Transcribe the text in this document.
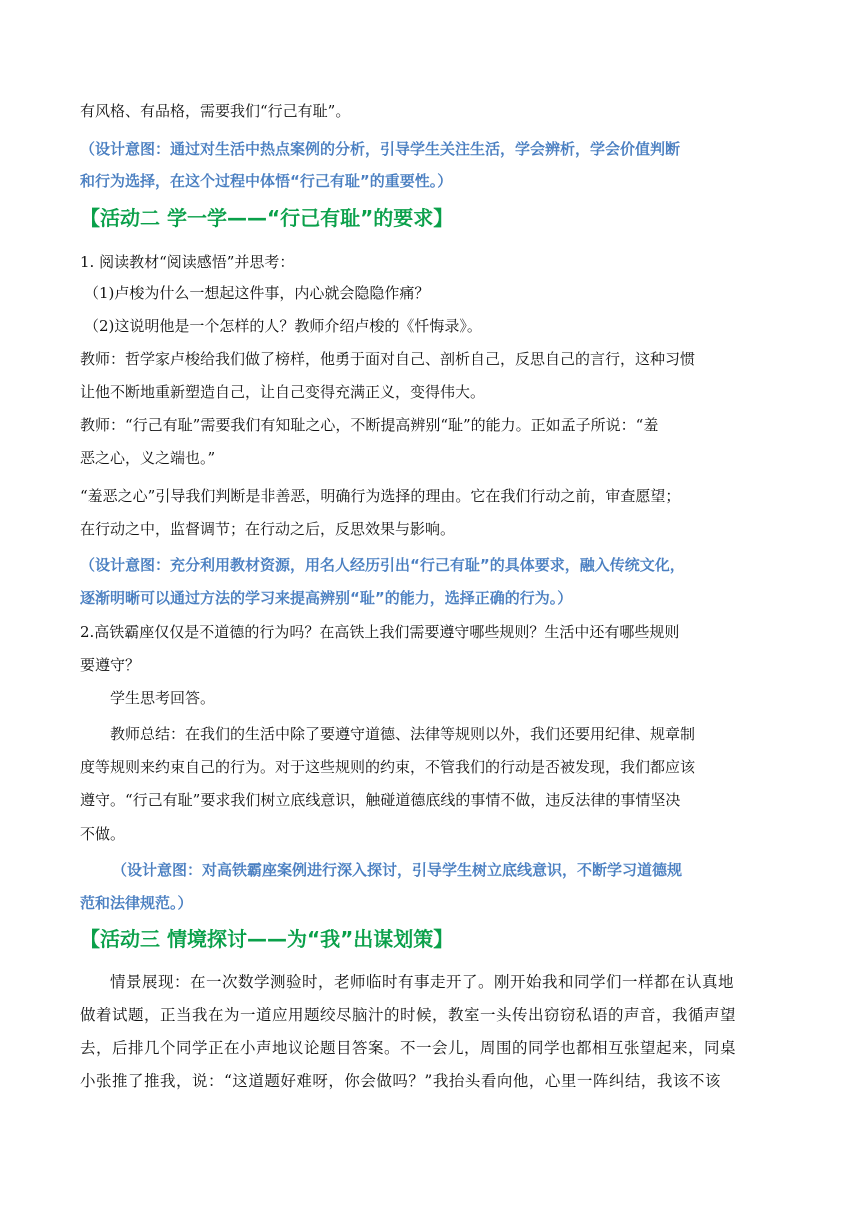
有风格、有品格，需要我们“行己有耻”。

（设计意图：通过对生活中热点案例的分析，引导学生关注生活，学会辨析，学会价值判断

和行为选择，在这个过程中体悟“行己有耻”的重要性。）

【活动二 学一学——“行己有耻”的要求】

1. 阅读教材“阅读感悟”并思考：

（1)卢梭为什么一想起这件事，内心就会隐隐作痛？

（2)这说明他是一个怎样的人？教师介绍卢梭的《忏悔录》。

教师：哲学家卢梭给我们做了榜样，他勇于面对自己、剖析自己，反思自己的言行，这种习惯

让他不断地重新塑造自己，让自己变得充满正义，变得伟大。

教师：“行己有耻”需要我们有知耻之心，不断提高辨别“耻”的能力。正如孟子所说：“羞

恶之心，义之端也。”

“羞恶之心”引导我们判断是非善恶，明确行为选择的理由。它在我们行动之前，审查愿望；

在行动之中，监督调节；在行动之后，反思效果与影响。

（设计意图：充分利用教材资源，用名人经历引出“行己有耻”的具体要求，融入传统文化，

逐渐明晰可以通过方法的学习来提高辨别“耻”的能力，选择正确的行为。）

2.高铁霸座仅仅是不道德的行为吗？在高铁上我们需要遵守哪些规则？生活中还有哪些规则

要遵守？

学生思考回答。

教师总结：在我们的生活中除了要遵守道德、法律等规则以外，我们还要用纪律、规章制

度等规则来约束自己的行为。对于这些规则的约束，不管我们的行动是否被发现，我们都应该

遵守。“行己有耻”要求我们树立底线意识，触碰道德底线的事情不做，违反法律的事情坚决

不做。

（设计意图：对高铁霸座案例进行深入探讨，引导学生树立底线意识，不断学习道德规

范和法律规范。）

【活动三 情境探讨——为“我”出谋划策】

情景展现：在一次数学测验时，老师临时有事走开了。刚开始我和同学们一样都在认真地

做着试题，正当我在为一道应用题绞尽脑汁的时候，教室一头传出窃窃私语的声音，我循声望

去，后排几个同学正在小声地议论题目答案。不一会儿，周围的同学也都相互张望起来，同桌

小张推了推我，说：“这道题好难呀，你会做吗？”我抬头看向他，心里一阵纠结，我该不该
